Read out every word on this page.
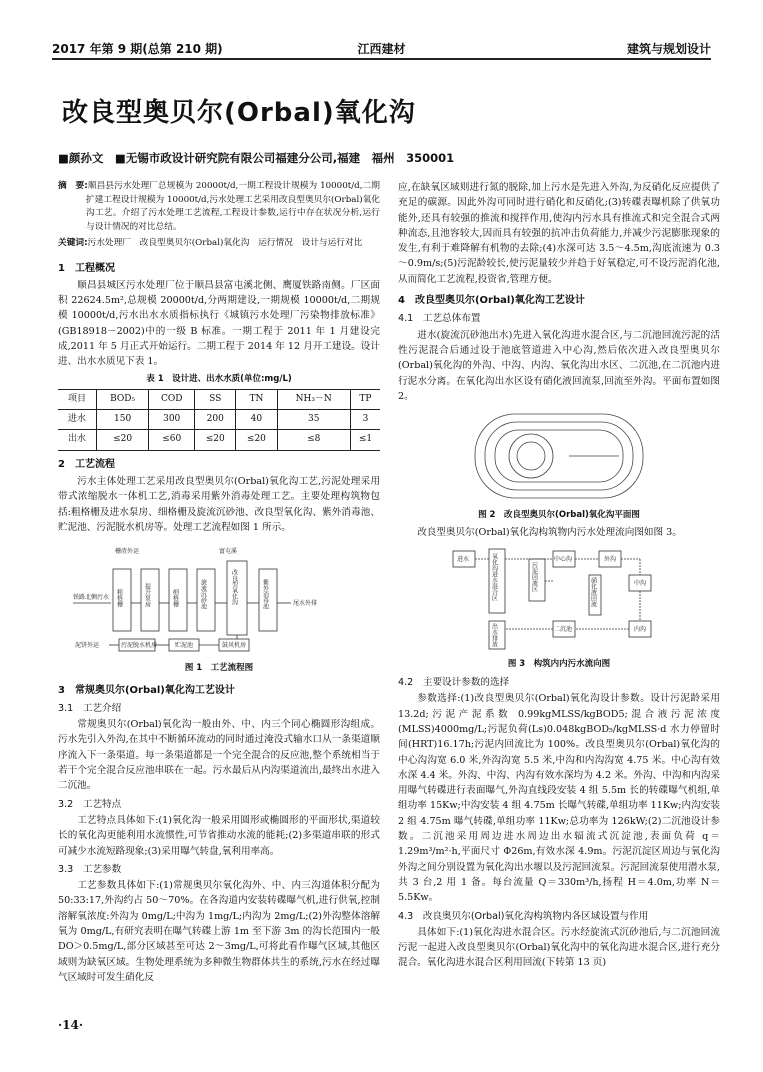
2017 年第 9 期(总第 210 期)	江西建材	建筑与规划设计
改良型奥贝尔(Orbal)氧化沟
■颜孙文　■无锡市政设计研究院有限公司福建分公司,福建　福州　350001

摘　要:顺昌县污水处理厂总规模为 20000t/d,一期工程设计规模为 10000t/d,二期扩建工程设计规模为 10000t/d,污水处理工艺采用改良型奥贝尔(Orbal)氧化沟工艺。介绍了污水处理工艺流程,工程设计参数,运行中存在状况分析,运行与设计情况的对比总结。

关键词:污水处理厂　改良型奥贝尔(Orbal)氧化沟　运行情况　设计与运行对比

1　工程概况

顺昌县城区污水处理厂位于顺昌县富屯溪北侧、鹰厦铁路南侧。厂区面积 22624.5m²,总规模 20000t/d,分两期建设,一期规模 10000t/d,二期规模 10000t/d,污水出水水质指标执行《城镇污水处理厂污染物排放标准》(GB18918－2002)中的一级 B 标准。一期工程于 2011 年 1 月建设完成,2011 年 5 月正式开始运行。二期工程于 2014 年 12 月开工建设。设计进、出水水质见下表 1。

表 1　设计进、出水水质(单位:mg/L)
项目	BOD₅	COD	SS	TN	NH₃－N	TP
进水	150	300	200	40	35	3
出水	≤20	≤60	≤20	≤20	≤8	≤1
2　工艺流程

污水主体处理工艺采用改良型奥贝尔(Orbal)氧化沟工艺,污泥处理采用带式浓缩脱水一体机工艺,消毒采用紫外消毒处理工艺。主要处理构筑物包括:粗格栅及进水泵房、细格栅及旋流沉砂池、改良型氧化沟、紫外消毒池、贮泥池、污泥脱水机房等。处理工艺流程如图 1 所示。

铁路北侧污水 粗格栅	提升泵房	细格栅	旋流沉砂池	改良型氧化沟	紫外消毒池	尾水外排
栅渣外运	富屯溪
鼓风机房
贮泥池
污泥脱水机房
泥饼外运
图 1　工艺流程图
3　常规奥贝尔(Orbal)氧化沟工艺设计
3.1　工艺介绍

常规奥贝尔(Orbal)氧化沟一般由外、中、内三个同心椭圆形沟组成。污水先引入外沟,在其中不断循环流动的同时通过淹没式输水口从一条渠道顺序流入下一条渠道。每一条渠道都是一个完全混合的反应池,整个系统相当于若干个完全混合反应池串联在一起。污水最后从内沟渠道流出,最终出水进入二沉池。

3.2　工艺特点

工艺特点具体如下:(1)氧化沟一般采用圆形或椭圆形的平面形状,渠道较长的氧化沟更能利用水流惯性,可节省推动水流的能耗;(2)多渠道串联的形式可减少水流短路现象;(3)采用曝气转盘,氧利用率高。

3.3　工艺参数

工艺参数具体如下:(1)常规奥贝尔氧化沟外、中、内三沟道体积分配为 50:33:17,外沟约占 50～70%。在各沟道内安装转碟曝气机,进行供氧,控制溶解氧浓度:外沟为 0mg/L;中沟为 1mg/L;内沟为 2mg/L;(2)外沟整体溶解氧为 0mg/L,有研究表明在曝气转碟上游 1m 至下游 3m 的沟长范围内一般 DO＞0.5mg/L,部分区域甚至可达 2～3mg/L,可将此看作曝气区域,其他区域则为缺氧区域。生物处理系统为多种微生物群体共生的系统,污水在经过曝气区域时可发生硝化反

应,在缺氧区域则进行氮的脱除,加上污水是先进入外沟,为反硝化反应提供了充足的碳源。因此外沟可同时进行硝化和反硝化;(3)转碟表曝机除了供氧功能外,还具有较强的推流和搅拌作用,使沟内污水具有推流式和完全混合式两种流态,且池容较大,因而具有较强的抗冲击负荷能力,并减少污泥膨胀现象的发生,有利于难降解有机物的去除;(4)水深可达 3.5～4.5m,沟底流速为 0.3～0.9m/s;(5)污泥龄较长,使污泥量较少并趋于好氧稳定,可不设污泥消化池,从而简化工艺流程,投资省,管理方便。

4　改良型奥贝尔(Orbal)氧化沟工艺设计
4.1　工艺总体布置

进水(旋流沉砂池出水)先进入氧化沟进水混合区,与二沉池回流污泥的活性污泥混合后通过设于池底管道进入中心沟,然后依次进入改良型奥贝尔(Orbal)氧化沟的外沟、中沟、内沟、氧化沟出水区、二沉池,在二沉池内进行泥水分离。在氧化沟出水区设有硝化液回流泵,回流至外沟。平面布置如图 2。

图 2　改良型奥贝尔(Orbal)氧化沟平面图

改良型奥贝尔(Orbal)氧化沟构筑物内污水处理流向图如图 3。

进水	氧化沟进水混合区	污泥回流区
出水排放
中心沟	外沟
硝化液回流	中沟
内沟
二沉池
图 3　构筑内内污水流向图
4.2　主要设计参数的选择

参数选择:(1)改良型奥贝尔(Orbal)氧化沟设计参数。设计污泥龄采用 13.2d;污泥产泥系数 0.99kgMLSS/kgBOD5;混合液污泥浓度(MLSS)4000mg/L;污泥负荷(Ls)0.048kgBOD₅/kgMLSS·d 水力停留时间(HRT)16.17h;污泥内回流比为 100%。改良型奥贝尔(Orbal)氧化沟的中心沟沟宽 6.0 米,外沟沟宽 5.5 米,中沟和内沟沟宽 4.75 米。中心沟有效水深 4.4 米。外沟、中沟、内沟有效水深均为 4.2 米。外沟、中沟和内沟采用曝气转碟进行表面曝气,外沟直线段安装 4 组 5.5m 长的转碟曝气机组,单组功率 15Kw;中沟安装 4 组 4.75m 长曝气转碟,单组功率 11Kw;内沟安装 2 组 4.75m 曝气转碟,单组功率 11Kw;总功率为 126kW;(2)二沉池设计参数。二沉池采用周边进水周边出水辐流式沉淀池,表面负荷 q＝1.29m³/m²·h,平面尺寸 Φ26m,有效水深 4.9m。污泥沉淀区周边与氧化沟外沟之间分别设置为氧化沟出水堰以及污泥回流泵。污泥回流泵使用潜水泵,共 3 台,2 用 1 备。每台流量 Q＝330m³/h,扬程 H＝4.0m,功率 N＝5.5Kw。

4.3　改良奥贝尔(Orbal)氧化沟构筑物内各区域设置与作用

具体如下:(1)氧化沟进水混合区。污水经旋流式沉砂池后,与二沉池回流污泥一起进入改良型奥贝尔(Orbal)氧化沟中的氧化沟进水混合区,进行充分混合。氧化沟进水混合区利用回流(下转第 13 页)

·14·
